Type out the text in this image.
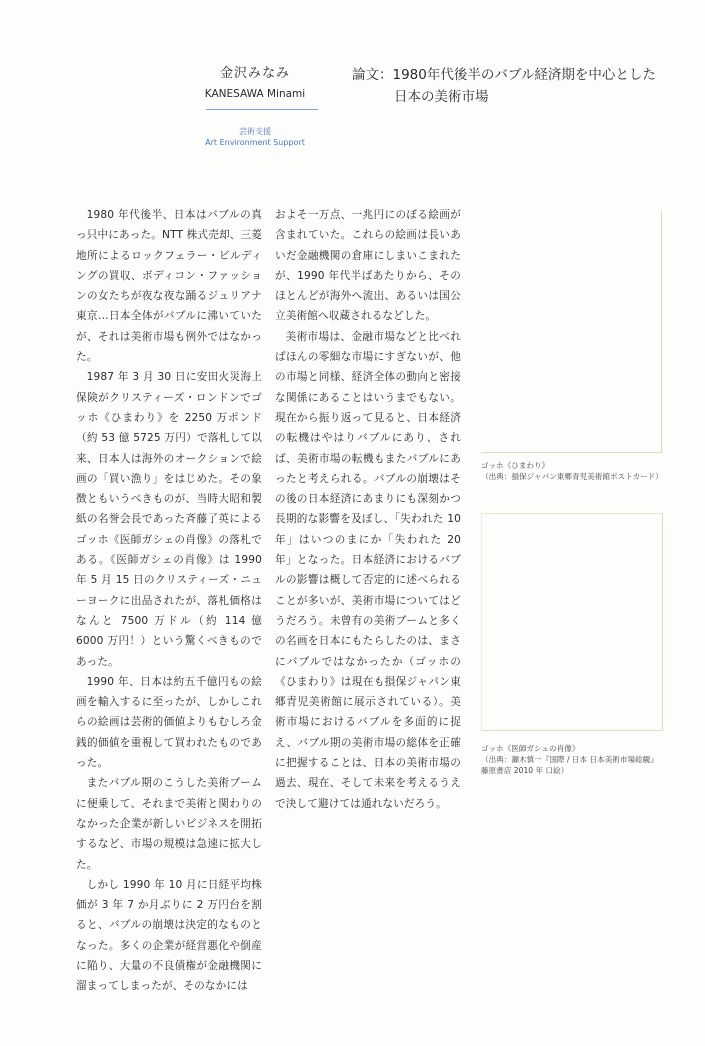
金沢みなみ
KANESAWA Minami
芸術支援
Art Environment Support
論文：1980年代後半のバブル経済期を中心とした
日本の美術市場

1980 年代後半、日本はバブルの真っ只中にあった。NTT 株式売却、三菱地所によるロックフェラー・ビルディングの買収、ボディコン・ファッションの女たちが夜な夜な踊るジュリアナ東京…日本全体がバブルに沸いていたが、それは美術市場も例外ではなかった。

1987 年 3 月 30 日に安田火災海上保険がクリスティーズ・ロンドンでゴッホ《ひまわり》を 2250 万ポンド（約 53 億 5725 万円）で落札して以来、日本人は海外のオークションで絵画の「買い漁り」をはじめた。その象徴ともいうべきものが、当時大昭和製紙の名誉会長であった斉藤了英によるゴッホ《医師ガシェの肖像》の落札である。《医師ガシェの肖像》は 1990 年 5 月 15 日のクリスティーズ・ニューヨークに出品されたが、落札価格はなんと 7500 万ドル（約 114 億 6000 万円！）という驚くべきものであった。

1990 年、日本は約五千億円もの絵画を輸入するに至ったが、しかしこれらの絵画は芸術的価値よりもむしろ金銭的価値を重視して買われたものであった。

またバブル期のこうした美術ブームに便乗して、それまで美術と関わりのなかった企業が新しいビジネスを開拓するなど、市場の規模は急速に拡大した。

しかし 1990 年 10 月に日経平均株価が 3 年 7 か月ぶりに 2 万円台を割ると、バブルの崩壊は決定的なものとなった。多くの企業が経営悪化や倒産に陥り、大量の不良債権が金融機関に溜まってしまったが、そのなかには

およそ一万点、一兆円にのぼる絵画が含まれていた。これらの絵画は長いあいだ金融機関の倉庫にしまいこまれたが、1990 年代半ばあたりから、そのほとんどが海外へ流出、あるいは国公立美術館へ収蔵されるなどした。

美術市場は、金融市場などと比べればほんの零細な市場にすぎないが、他の市場と同様、経済全体の動向と密接な関係にあることはいうまでもない。現在から振り返って見ると、日本経済の転機はやはりバブルにあり、されば、美術市場の転機もまたバブルにあったと考えられる。バブルの崩壊はその後の日本経済にあまりにも深刻かつ長期的な影響を及ぼし、「失われた 10 年」はいつのまにか「失われた 20 年」となった。日本経済におけるバブルの影響は概して否定的に述べられることが多いが、美術市場についてはどうだろう。未曾有の美術ブームと多くの名画を日本にもたらしたのは、まさにバブルではなかったか（ゴッホの《ひまわり》は現在も損保ジャパン東郷青児美術館に展示されている）。美術市場におけるバブルを多面的に捉え、バブル期の美術市場の総体を正確に把握することは、日本の美術市場の過去、現在、そして未来を考えるうえで決して避けては通れないだろう。

ゴッホ《ひまわり》
（出典：損保ジャパン東郷青児美術館ポストカード）
ゴッホ《医師ガシェの肖像》
（出典：瀬木慎一『国際 / 日本 日本美術市場総観』
藤原書店 2010 年 口絵）
